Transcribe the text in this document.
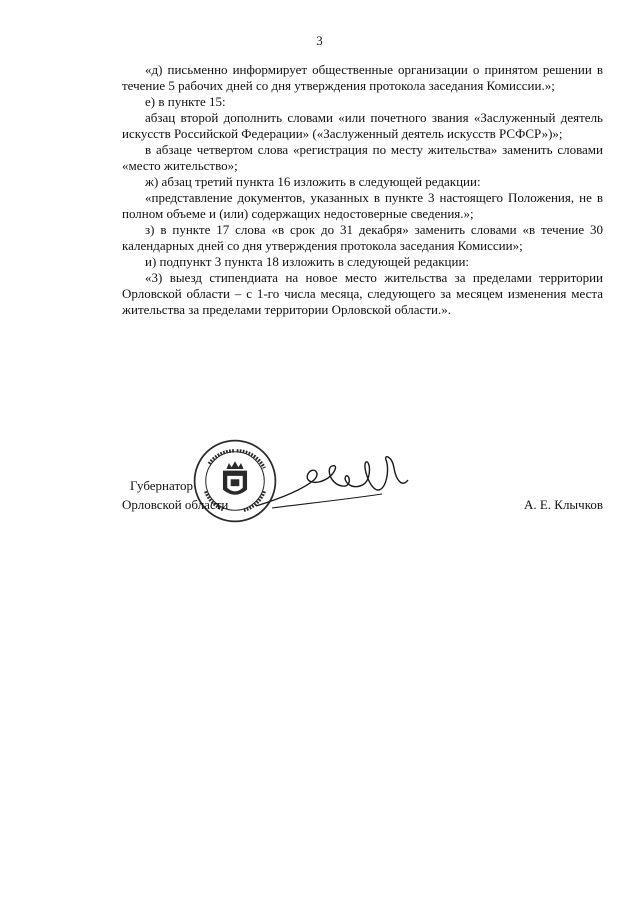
3

«д) письменно информирует общественные организации о принятом решении в течение 5 рабочих дней со дня утверждения протокола заседания Комиссии.»;

е) в пункте 15:

абзац второй дополнить словами «или почетного звания «Заслуженный деятель искусств Российской Федерации» («Заслуженный деятель искусств РСФСР»)»;

в абзаце четвертом слова «регистрация по месту жительства» заменить словами «место жительство»;

ж) абзац третий пункта 16 изложить в следующей редакции:

«представление документов, указанных в пункте 3 настоящего Положения, не в полном объеме и (или) содержащих недостоверные сведения.»;

з) в пункте 17 слова «в срок до 31 декабря» заменить словами «в течение 30 календарных дней со дня утверждения протокола заседания Комиссии»;

и) подпункт 3 пункта 18 изложить в следующей редакции:

«3) выезд стипендиата на новое место жительства за пределами территории Орловской области – с 1-го числа месяца, следующего за месяцем изменения места жительства за пределами территории Орловской области.».

Губернатор
Орловской области	А. Е. Клычков
